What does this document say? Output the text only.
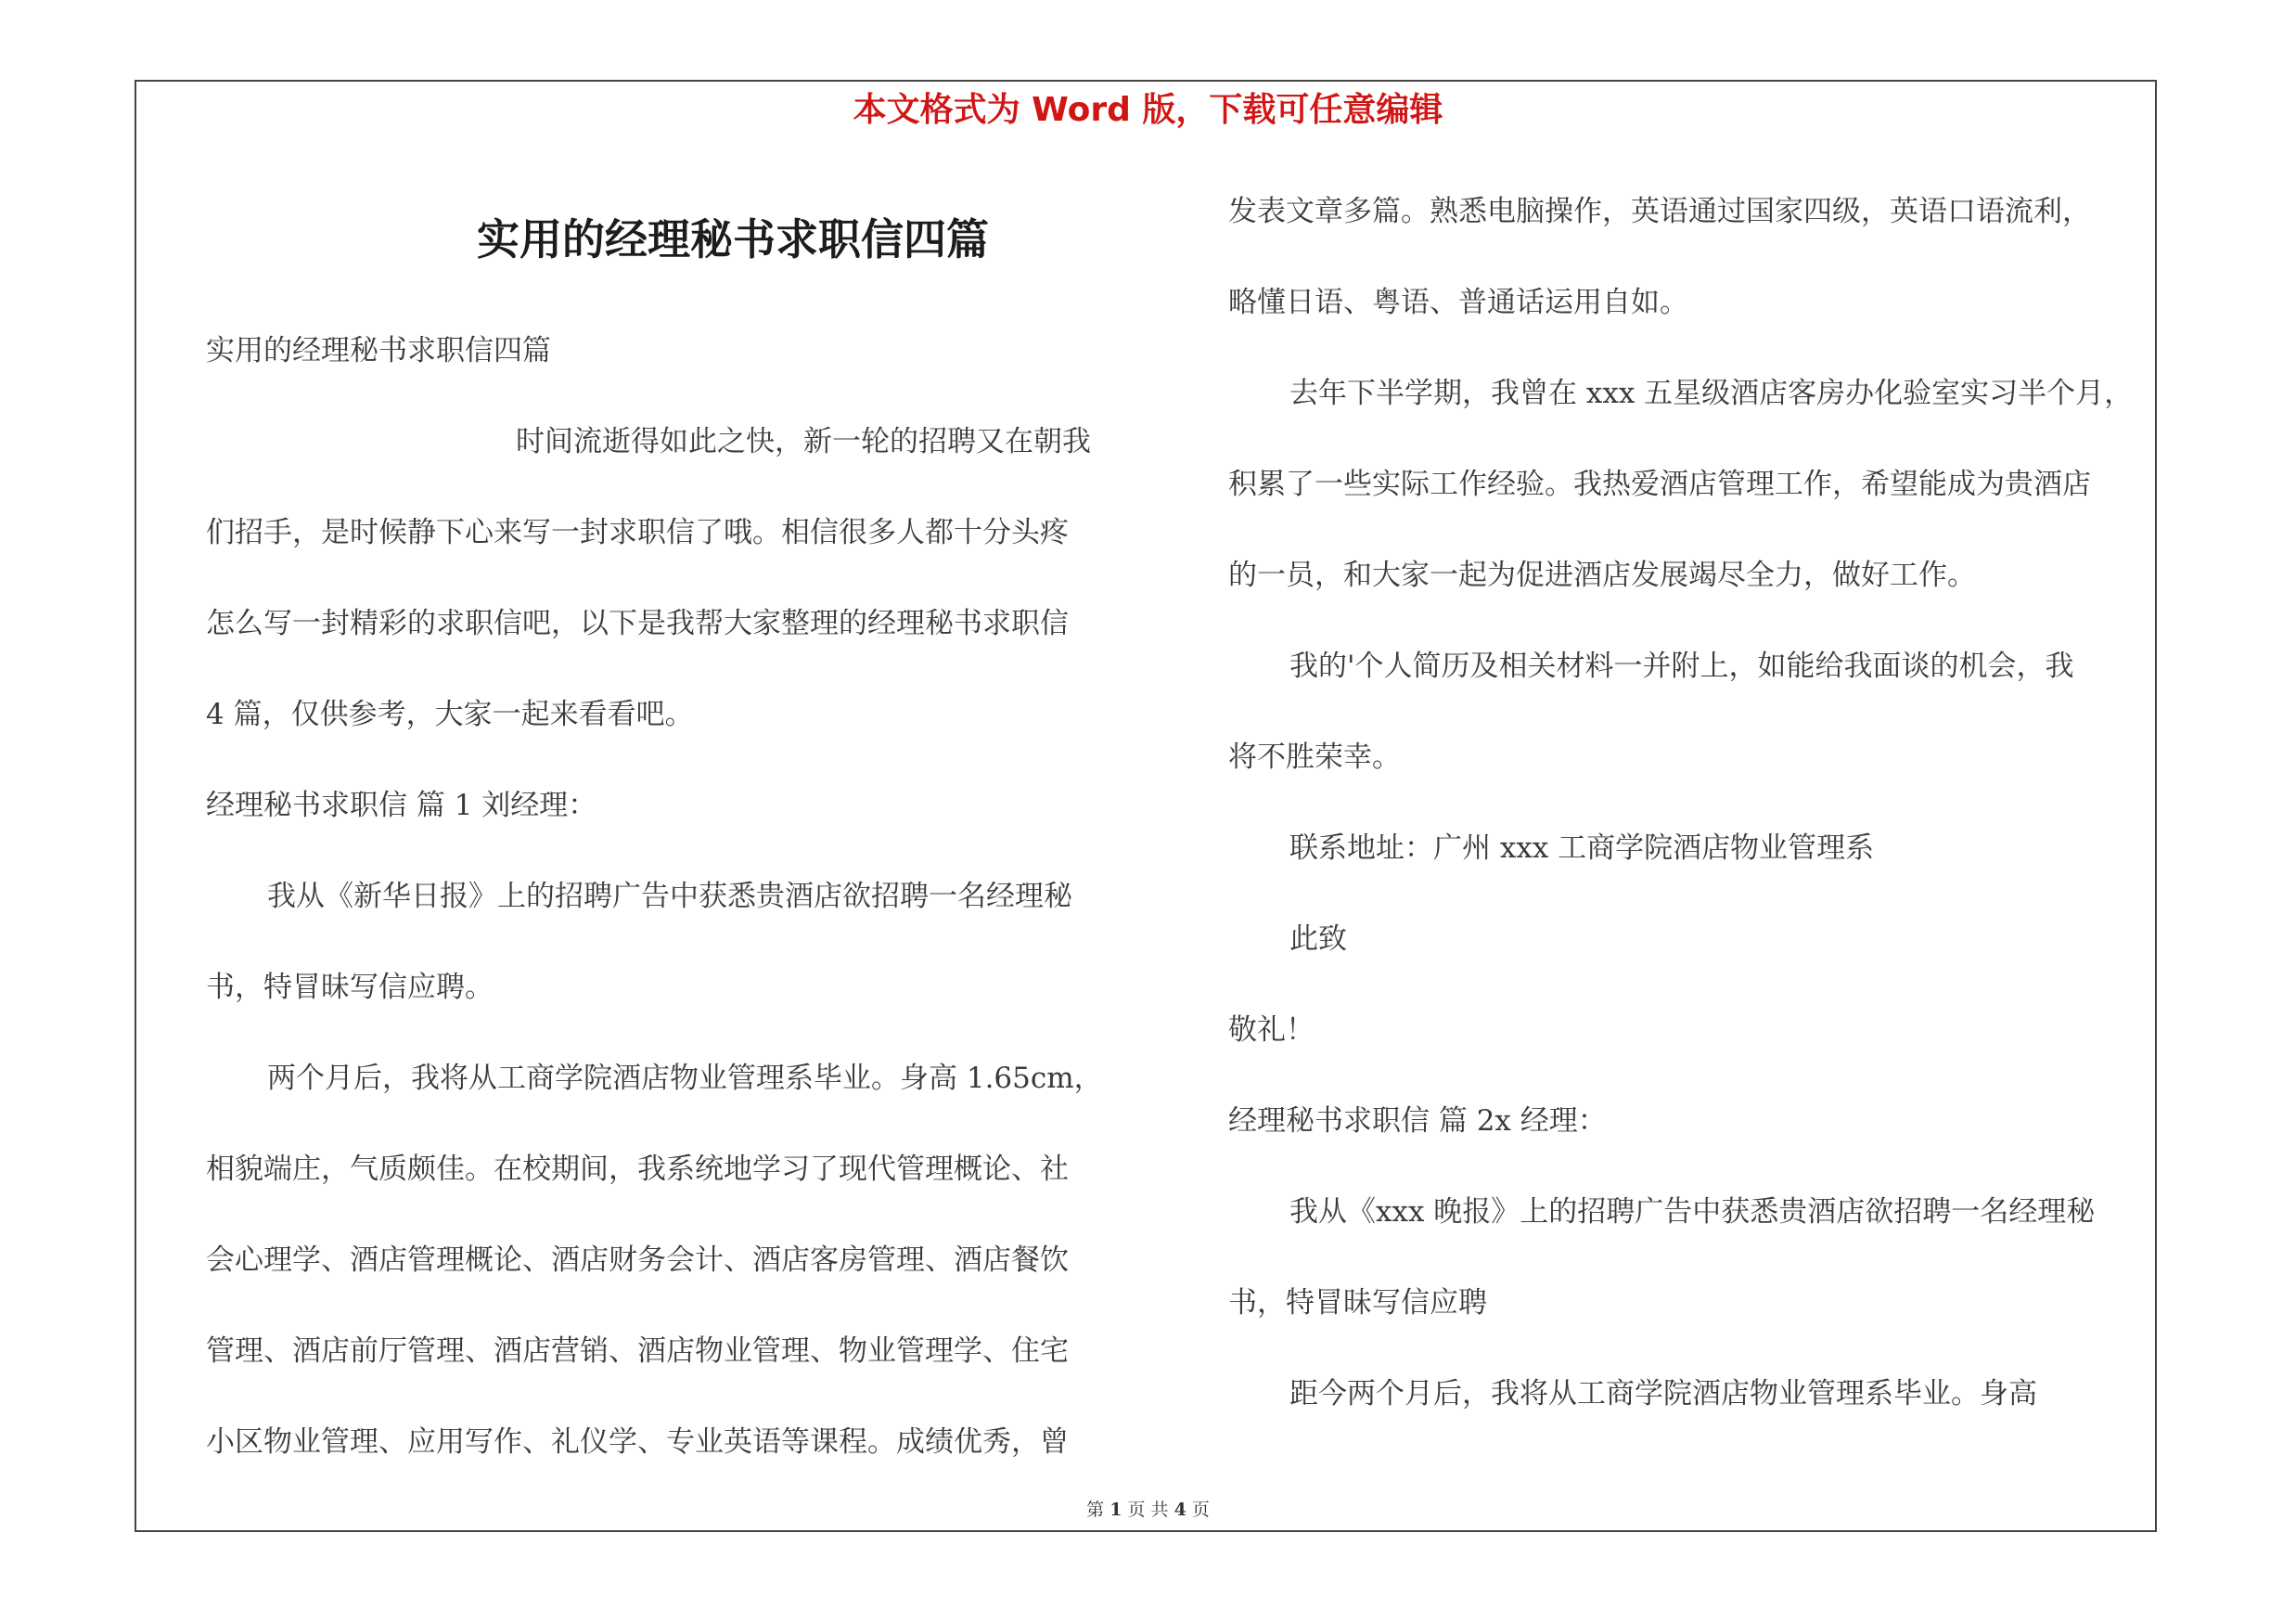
本文格式为 Word 版，下载可任意编辑
实用的经理秘书求职信四篇
实用的经理秘书求职信四篇
时间流逝得如此之快，新一轮的招聘又在朝我
们招手，是时候静下心来写一封求职信了哦。相信很多人都十分头疼
怎么写一封精彩的求职信吧，以下是我帮大家整理的经理秘书求职信
4 篇，仅供参考，大家一起来看看吧。
经理秘书求职信 篇 1 刘经理：
我从《新华日报》上的招聘广告中获悉贵酒店欲招聘一名经理秘
书，特冒昧写信应聘。
两个月后，我将从工商学院酒店物业管理系毕业。身高 1.65cm，
相貌端庄，气质颇佳。在校期间，我系统地学习了现代管理概论、社
会心理学、酒店管理概论、酒店财务会计、酒店客房管理、酒店餐饮
管理、酒店前厅管理、酒店营销、酒店物业管理、物业管理学、住宅
小区物业管理、应用写作、礼仪学、专业英语等课程。成绩优秀，曾
发表文章多篇。熟悉电脑操作，英语通过国家四级，英语口语流利，
略懂日语、粤语、普通话运用自如。
去年下半学期，我曾在 xxx 五星级酒店客房办化验室实习半个月，
积累了一些实际工作经验。我热爱酒店管理工作，希望能成为贵酒店
的一员，和大家一起为促进酒店发展竭尽全力，做好工作。
我的'个人简历及相关材料一并附上，如能给我面谈的机会，我
将不胜荣幸。
联系地址：广州 xxx 工商学院酒店物业管理系
此致
敬礼！
经理秘书求职信 篇 2x 经理：
我从《xxx 晚报》上的招聘广告中获悉贵酒店欲招聘一名经理秘
书，特冒昧写信应聘
距今两个月后，我将从工商学院酒店物业管理系毕业。身高
第 1 页 共 4 页
